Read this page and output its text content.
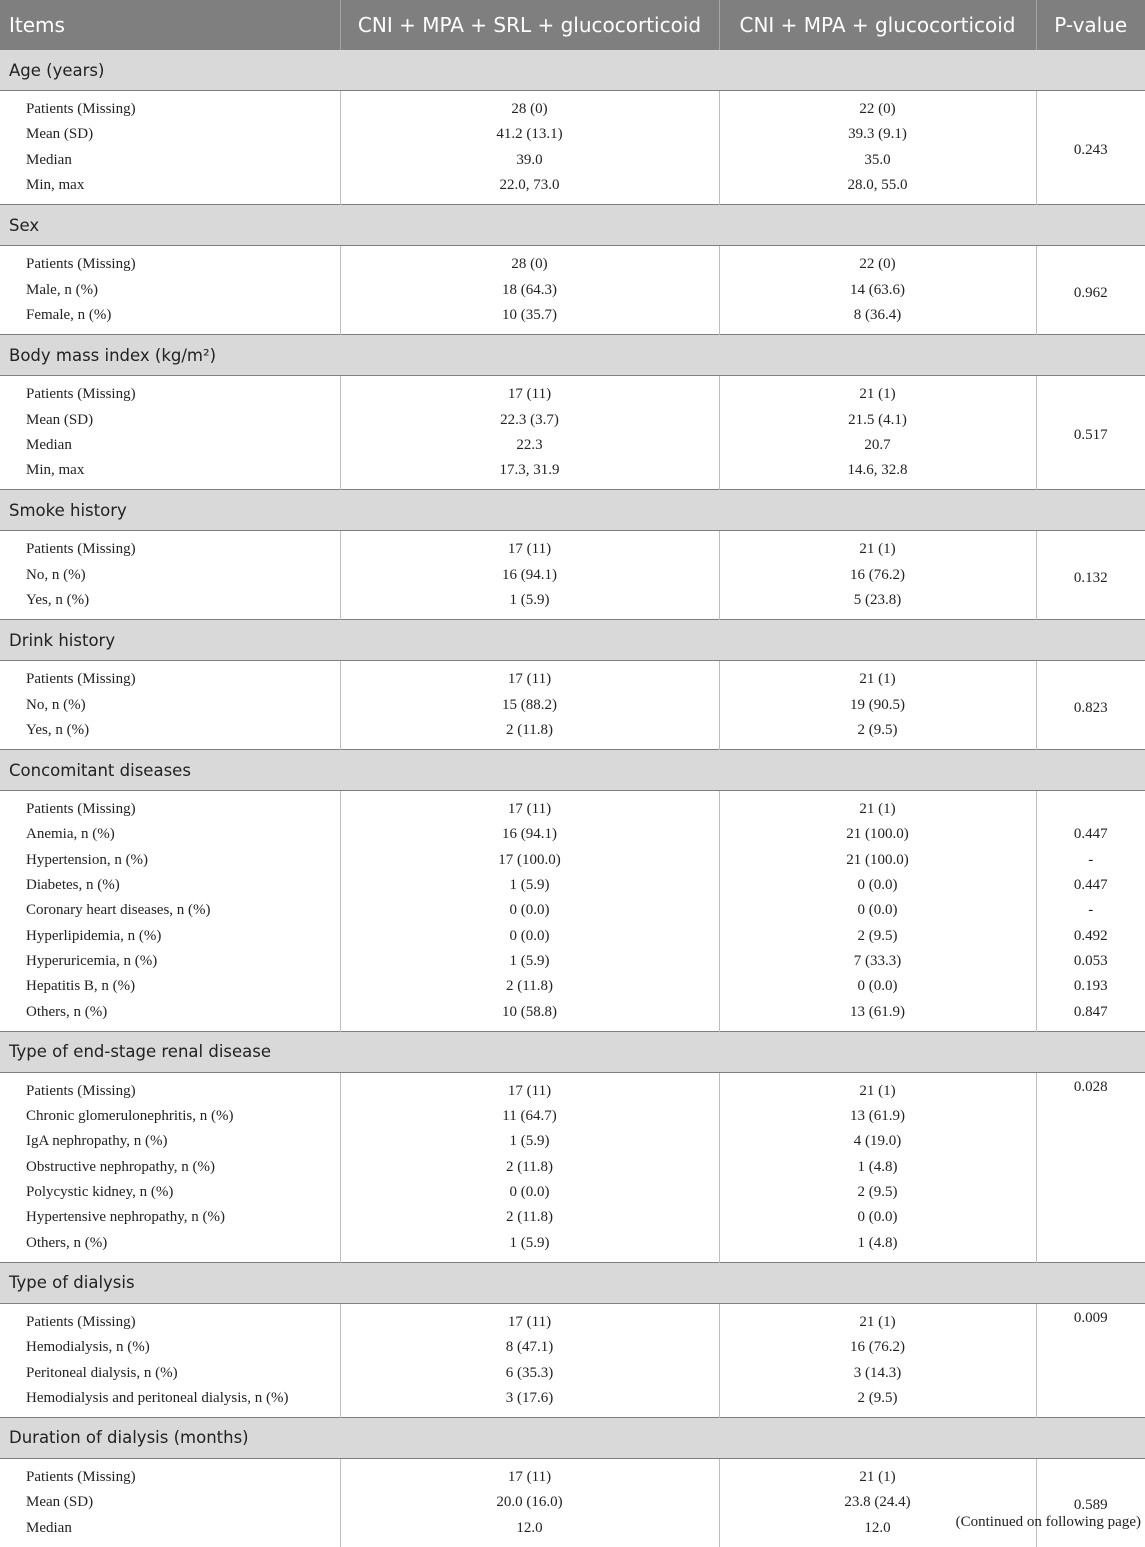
Items	CNI + MPA + SRL + glucocorticoid	CNI + MPA + glucocorticoid	P-value
Age (years)			
Patients (Missing)	28 (0)	22 (0)	0.243
Mean (SD)	41.2 (13.1)	39.3 (9.1)	
Median	39.0	35.0	
Min, max	22.0, 73.0	28.0, 55.0	
Sex			
Patients (Missing)	28 (0)	22 (0)	0.962
Male, n (%)	18 (64.3)	14 (63.6)	
Female, n (%)	10 (35.7)	8 (36.4)	
Body mass index (kg/m²)			
Patients (Missing)	17 (11)	21 (1)	0.517
Mean (SD)	22.3 (3.7)	21.5 (4.1)	
Median	22.3	20.7	
Min, max	17.3, 31.9	14.6, 32.8	
Smoke history			
Patients (Missing)	17 (11)	21 (1)	0.132
No, n (%)	16 (94.1)	16 (76.2)	
Yes, n (%)	1 (5.9)	5 (23.8)	
Drink history			
Patients (Missing)	17 (11)	21 (1)	0.823
No, n (%)	15 (88.2)	19 (90.5)	
Yes, n (%)	2 (11.8)	2 (9.5)	
Concomitant diseases			
Patients (Missing)	17 (11)	21 (1)	
Anemia, n (%)	16 (94.1)	21 (100.0)	0.447
Hypertension, n (%)	17 (100.0)	21 (100.0)	-
Diabetes, n (%)	1 (5.9)	0 (0.0)	0.447
Coronary heart diseases, n (%)	0 (0.0)	0 (0.0)	-
Hyperlipidemia, n (%)	0 (0.0)	2 (9.5)	0.492
Hyperuricemia, n (%)	1 (5.9)	7 (33.3)	0.053
Hepatitis B, n (%)	2 (11.8)	0 (0.0)	0.193
Others, n (%)	10 (58.8)	13 (61.9)	0.847
Type of end-stage renal disease			
Patients (Missing)	17 (11)	21 (1)	0.028
Chronic glomerulonephritis, n (%)	11 (64.7)	13 (61.9)	
IgA nephropathy, n (%)	1 (5.9)	4 (19.0)	
Obstructive nephropathy, n (%)	2 (11.8)	1 (4.8)	
Polycystic kidney, n (%)	0 (0.0)	2 (9.5)	
Hypertensive nephropathy, n (%)	2 (11.8)	0 (0.0)	
Others, n (%)	1 (5.9)	1 (4.8)	
Type of dialysis			
Patients (Missing)	17 (11)	21 (1)	0.009
Hemodialysis, n (%)	8 (47.1)	16 (76.2)	
Peritoneal dialysis, n (%)	6 (35.3)	3 (14.3)	
Hemodialysis and peritoneal dialysis, n (%)	3 (17.6)	2 (9.5)	
Duration of dialysis (months)			
Patients (Missing)	17 (11)	21 (1)	0.589
Mean (SD)	20.0 (16.0)	23.8 (24.4)	
Median	12.0	12.0		(Continued on following page)
